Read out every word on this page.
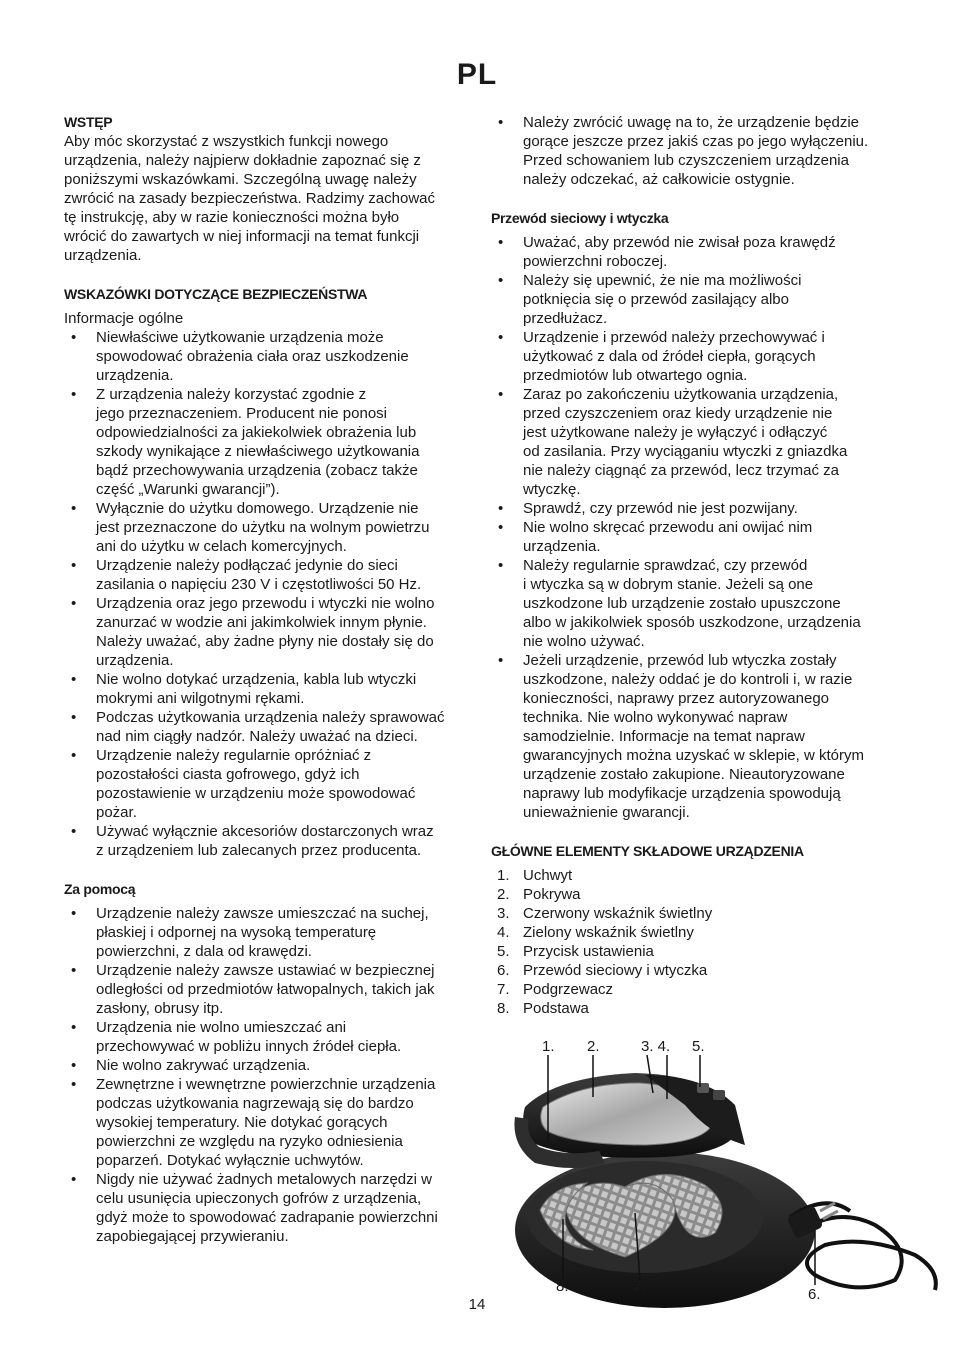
PL
WSTĘP
Aby móc skorzystać z wszystkich funkcji nowego
urządzenia, należy najpierw dokładnie zapoznać się z
poniższymi wskazówkami. Szczególną uwagę należy
zwrócić na zasady bezpieczeństwa. Radzimy zachować
tę instrukcję, aby w razie konieczności można było
wrócić do zawartych w niej informacji na temat funkcji
urządzenia.
WSKAZÓWKI DOTYCZĄCE BEZPIECZEŃSTWA

Informacje ogólne

• Niewłaściwe użytkowanie urządzenia może
spowodować obrażenia ciała oraz uszkodzenie
urządzenia.
• Z urządzenia należy korzystać zgodnie z
jego przeznaczeniem. Producent nie ponosi
odpowiedzialności za jakiekolwiek obrażenia lub
szkody wynikające z niewłaściwego użytkowania
bądź przechowywania urządzenia (zobacz także
część „Warunki gwarancji”).
• Wyłącznie do użytku domowego. Urządzenie nie
jest przeznaczone do użytku na wolnym powietrzu
ani do użytku w celach komercyjnych.
• Urządzenie należy podłączać jedynie do sieci
zasilania o napięciu 230 V i częstotliwości 50 Hz.
• Urządzenia oraz jego przewodu i wtyczki nie wolno
zanurzać w wodzie ani jakimkolwiek innym płynie.
Należy uważać, aby żadne płyny nie dostały się do
urządzenia.
• Nie wolno dotykać urządzenia, kabla lub wtyczki
mokrymi ani wilgotnymi rękami.
• Podczas użytkowania urządzenia należy sprawować
nad nim ciągły nadzór. Należy uważać na dzieci.
• Urządzenie należy regularnie opróżniać z
pozostałości ciasta gofrowego, gdyż ich
pozostawienie w urządzeniu może spowodować
pożar.
• Używać wyłącznie akcesoriów dostarczonych wraz
z urządzeniem lub zalecanych przez producenta.
Za pomocą
• Urządzenie należy zawsze umieszczać na suchej,
płaskiej i odpornej na wysoką temperaturę
powierzchni, z dala od krawędzi.
• Urządzenie należy zawsze ustawiać w bezpiecznej
odległości od przedmiotów łatwopalnych, takich jak
zasłony, obrusy itp.
• Urządzenia nie wolno umieszczać ani
przechowywać w pobliżu innych źródeł ciepła.
• Nie wolno zakrywać urządzenia.
• Zewnętrzne i wewnętrzne powierzchnie urządzenia
podczas użytkowania nagrzewają się do bardzo
wysokiej temperatury. Nie dotykać gorących
powierzchni ze względu na ryzyko odniesienia
poparzeń. Dotykać wyłącznie uchwytów.
• Nigdy nie używać żadnych metalowych narzędzi w
celu usunięcia upieczonych gofrów z urządzenia,
gdyż może to spowodować zadrapanie powierzchni
zapobiegającej przywieraniu.
• Należy zwrócić uwagę na to, że urządzenie będzie
gorące jeszcze przez jakiś czas po jego wyłączeniu.
Przed schowaniem lub czyszczeniem urządzenia
należy odczekać, aż całkowicie ostygnie.
Przewód sieciowy i wtyczka
• Uważać, aby przewód nie zwisał poza krawędź
powierzchni roboczej.
• Należy się upewnić, że nie ma możliwości
potknięcia się o przewód zasilający albo
przedłużacz.
• Urządzenie i przewód należy przechowywać i
użytkować z dala od źródeł ciepła, gorących
przedmiotów lub otwartego ognia.
• Zaraz po zakończeniu użytkowania urządzenia,
przed czyszczeniem oraz kiedy urządzenie nie
jest użytkowane należy je wyłączyć i odłączyć
od zasilania. Przy wyciąganiu wtyczki z gniazdka
nie należy ciągnąć za przewód, lecz trzymać za
wtyczkę.
• Sprawdź, czy przewód nie jest pozwijany.
• Nie wolno skręcać przewodu ani owijać nim
urządzenia.
• Należy regularnie sprawdzać, czy przewód
i wtyczka są w dobrym stanie. Jeżeli są one
uszkodzone lub urządzenie zostało upuszczone
albo w jakikolwiek sposób uszkodzone, urządzenia
nie wolno używać.
• Jeżeli urządzenie, przewód lub wtyczka zostały
uszkodzone, należy oddać je do kontroli i, w razie
konieczności, naprawy przez autoryzowanego
technika. Nie wolno wykonywać napraw
samodzielnie. Informacje na temat napraw
gwarancyjnych można uzyskać w sklepie, w którym
urządzenie zostało zakupione. Nieautoryzowane
naprawy lub modyfikacje urządzenia spowodują
unieważnienie gwarancji.
GŁÓWNE ELEMENTY SKŁADOWE URZĄDZENIA
1. Uchwyt
2. Pokrywa
3. Czerwony wskaźnik świetlny
4. Zielony wskaźnik świetlny
5. Przycisk ustawienia
6. Przewód sieciowy i wtyczka
7. Podgrzewacz
8. Podstawa
1. 2.	3. 4. 5.
8.	7.	6.
14
